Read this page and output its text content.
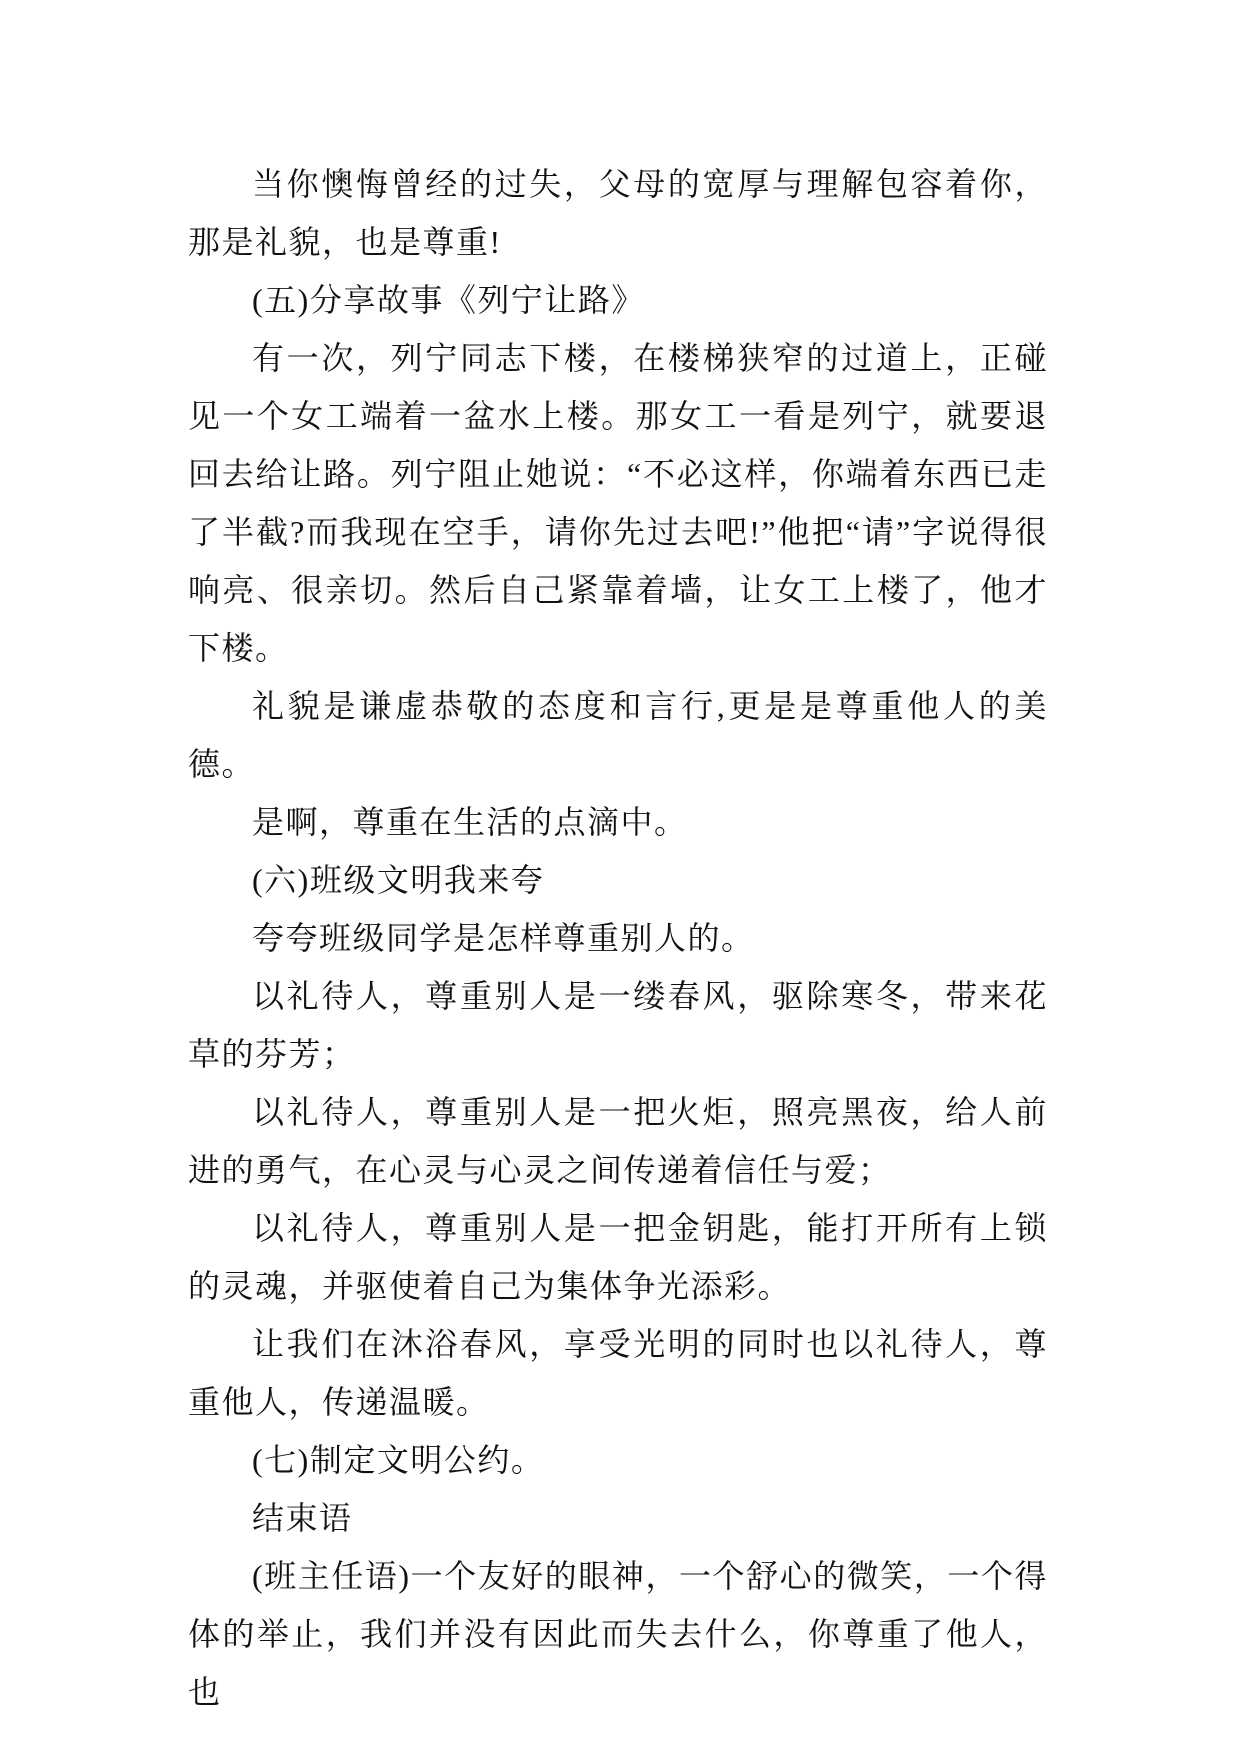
当你懊悔曾经的过失，父母的宽厚与理解包容着你，那是礼貌，也是尊重!

(五)分享故事《列宁让路》

有一次，列宁同志下楼，在楼梯狭窄的过道上，正碰见一个女工端着一盆水上楼。那女工一看是列宁，就要退回去给让路。列宁阻止她说：“不必这样，你端着东西已走了半截?而我现在空手，请你先过去吧!”他把“请”字说得很响亮、很亲切。然后自己紧靠着墙，让女工上楼了，他才下楼。

礼貌是谦虚恭敬的态度和言行,更是是尊重他人的美德。

是啊，尊重在生活的点滴中。

(六)班级文明我来夸

夸夸班级同学是怎样尊重别人的。

以礼待人，尊重别人是一缕春风，驱除寒冬，带来花草的芬芳；

以礼待人，尊重别人是一把火炬，照亮黑夜，给人前进的勇气，在心灵与心灵之间传递着信任与爱；

以礼待人，尊重别人是一把金钥匙，能打开所有上锁的灵魂，并驱使着自己为集体争光添彩。

让我们在沐浴春风，享受光明的同时也以礼待人，尊重他人，传递温暖。

(七)制定文明公约。

结束语

(班主任语)一个友好的眼神，一个舒心的微笑，一个得体的举止，我们并没有因此而失去什么，你尊重了他人，也
